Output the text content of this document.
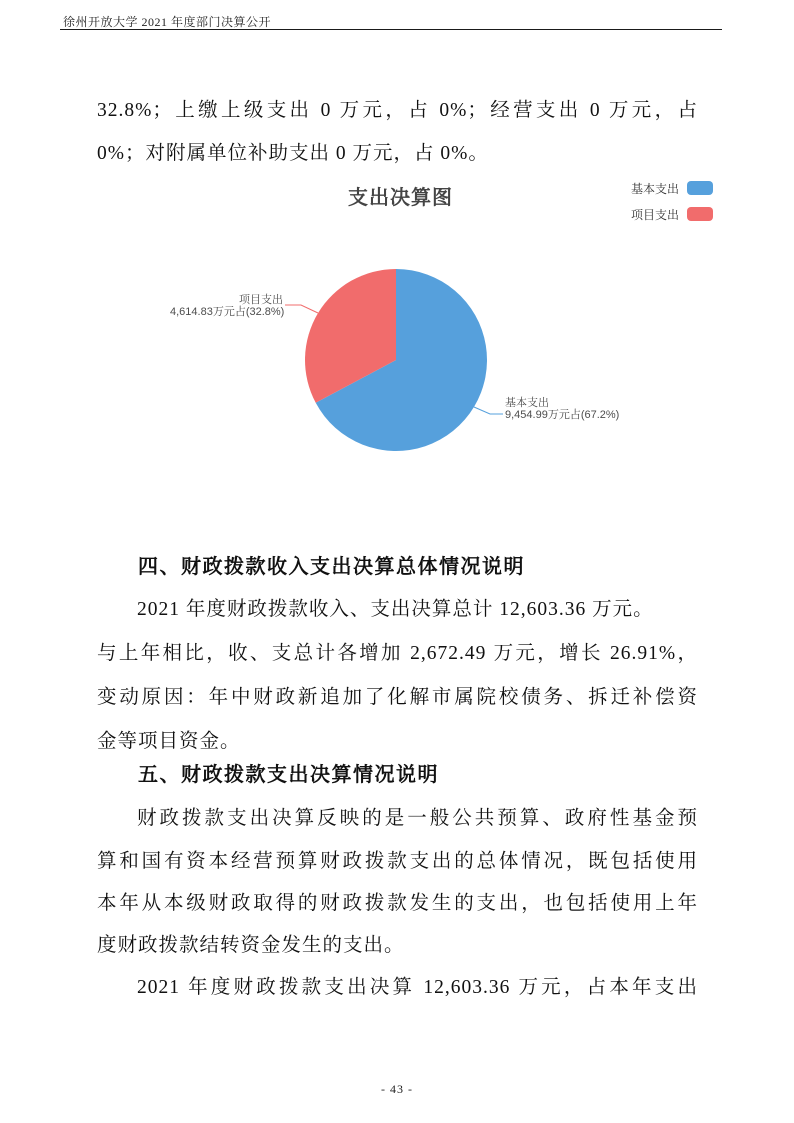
徐州开放大学 2021 年度部门决算公开
32.8%；上缴上级支出 0 万元，占 0%；经营支出 0 万元，占
0%；对附属单位补助支出 0 万元，占 0%。
支出决算图	基本支出
项目支出
项目支出
4,614.83万元占(32.8%)
基本支出
9,454.99万元占(67.2%)
四、财政拨款收入支出决算总体情况说明
2021 年度财政拨款收入、支出决算总计 12,603.36 万元。
与上年相比，收、支总计各增加 2,672.49 万元，增长 26.91%，
变动原因：年中财政新追加了化解市属院校债务、拆迁补偿资
金等项目资金。
五、财政拨款支出决算情况说明
财政拨款支出决算反映的是一般公共预算、政府性基金预
算和国有资本经营预算财政拨款支出的总体情况，既包括使用
本年从本级财政取得的财政拨款发生的支出，也包括使用上年
度财政拨款结转资金发生的支出。
2021 年度财政拨款支出决算 12,603.36 万元，占本年支出
- 43 -
